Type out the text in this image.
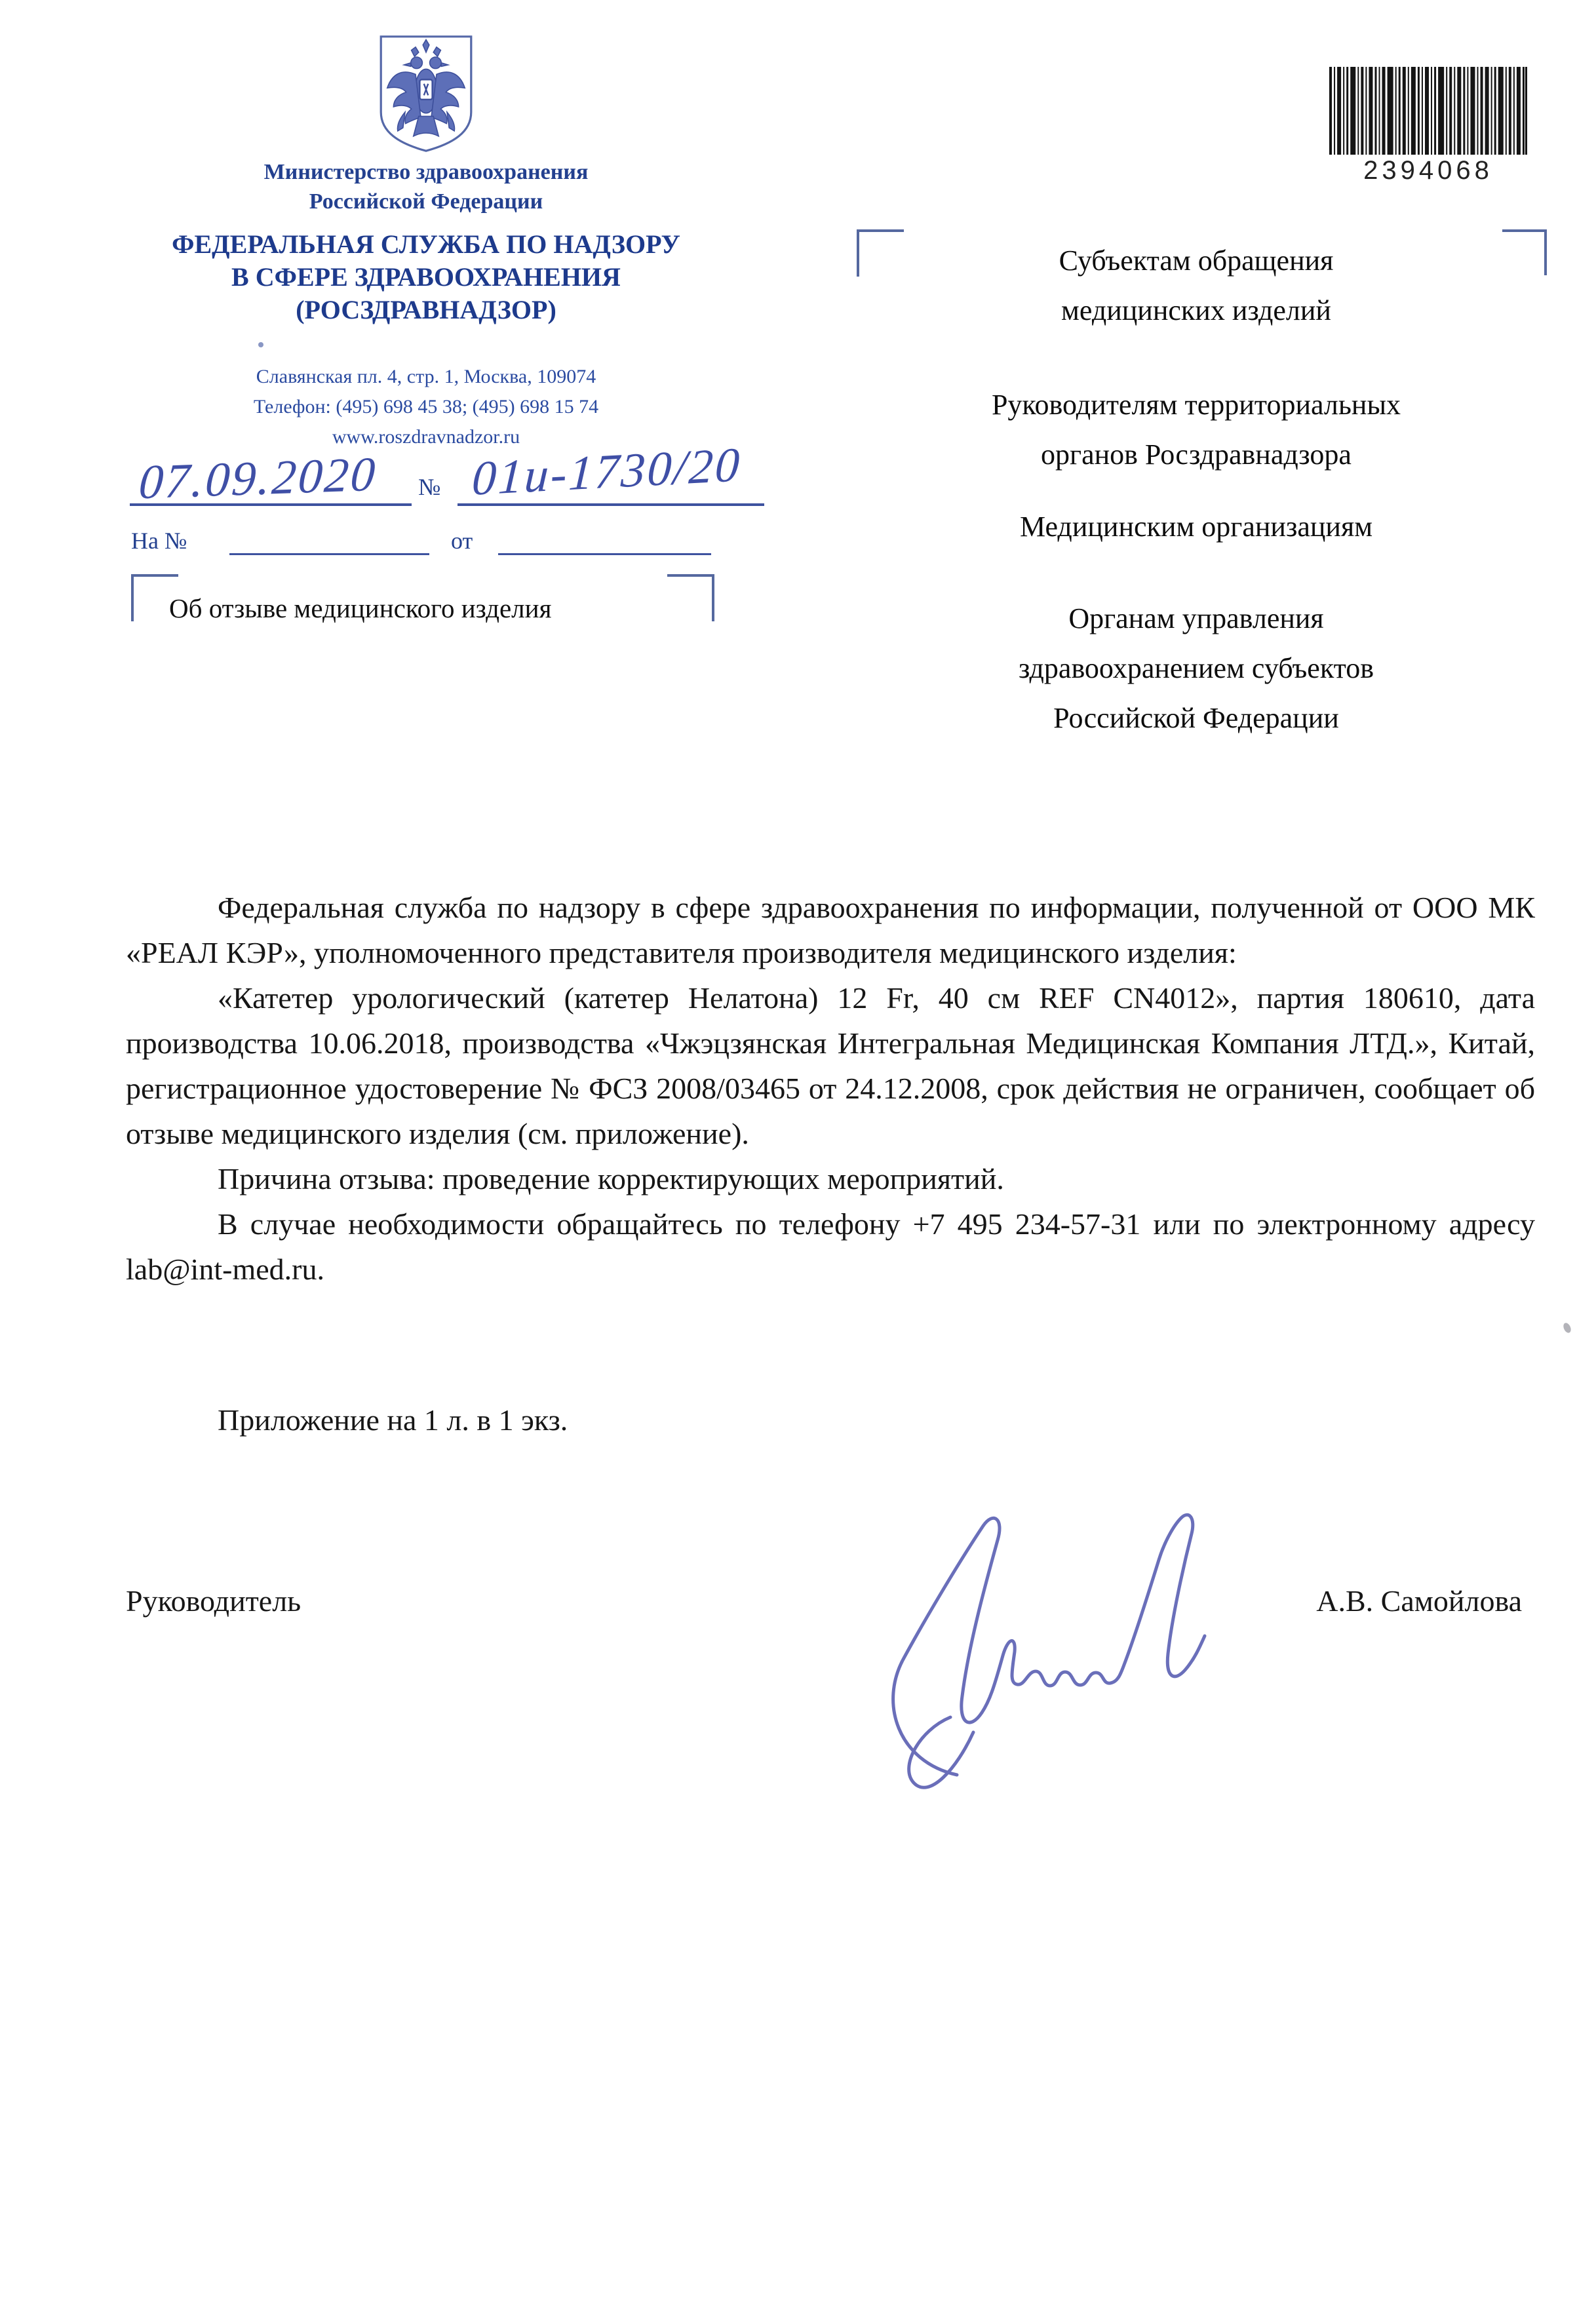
Министерство здравоохранения
Российской Федерации
ФЕДЕРАЛЬНАЯ СЛУЖБА ПО НАДЗОРУ
В СФЕРЕ ЗДРАВООХРАНЕНИЯ
(РОСЗДРАВНАДЗОР)
Славянская пл. 4, стр. 1, Москва, 109074
Телефон: (495) 698 45 38; (495) 698 15 74
www.roszdravnadzor.ru
2394068
07.09.2020 № 01и-1730/20
На №	от
Об отзыве медицинского изделия
Субъектам обращения
медицинских изделий
Руководителям территориальных
органов Росздравнадзора
Медицинским организациям
Органам управления
здравоохранением субъектов
Российской Федерации

Федеральная служба по надзору в сфере здравоохранения по информации, полученной от ООО МК «РЕАЛ КЭР», уполномоченного представителя производителя медицинского изделия:

«Катетер урологический (катетер Нелатона) 12 Fr, 40 см REF CN4012», партия 180610, дата производства 10.06.2018, производства «Чжэцзянская Интегральная Медицинская Компания ЛТД.», Китай, регистрационное удостоверение № ФСЗ 2008/03465 от 24.12.2008, срок действия не ограничен, сообщает об отзыве медицинского изделия (см. приложение).

Причина отзыва: проведение корректирующих мероприятий.

В случае необходимости обращайтесь по телефону +7 495 234-57-31 или по электронному адресу lab@int-med.ru.

Приложение на 1 л. в 1 экз.
Руководитель	А.В. Самойлова
